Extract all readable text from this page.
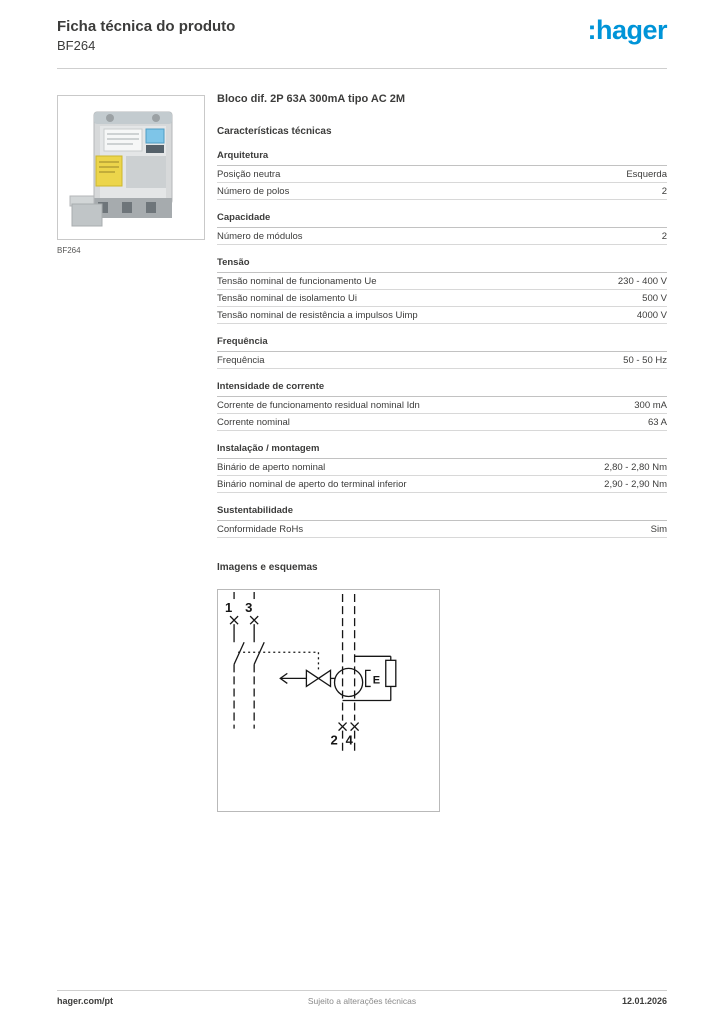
Ficha técnica do produto
BF264
:hager
BF264
Bloco dif. 2P 63A 300mA tipo AC 2M
Características técnicas
Arquitetura
Posição neutra	Esquerda
Número de polos	2
Capacidade
Número de módulos	2
Tensão
Tensão nominal de funcionamento Ue	230 - 400 V
Tensão nominal de isolamento Ui	500 V
Tensão nominal de resistência a impulsos Uimp	4000 V
Frequência
Frequência	50 - 50 Hz
Intensidade de corrente
Corrente de funcionamento residual nominal Idn	300 mA
Corrente nominal	63 A
Instalação / montagem
Binário de aperto nominal	2,80 - 2,80 Nm
Binário nominal de aperto do terminal inferior	2,90 - 2,90 Nm
Sustentabilidade
Conformidade RoHs	Sim
Imagens e esquemas
1 3
2 4
E
hager.com/pt	Sujeito a alterações técnicas	12.01.2026
